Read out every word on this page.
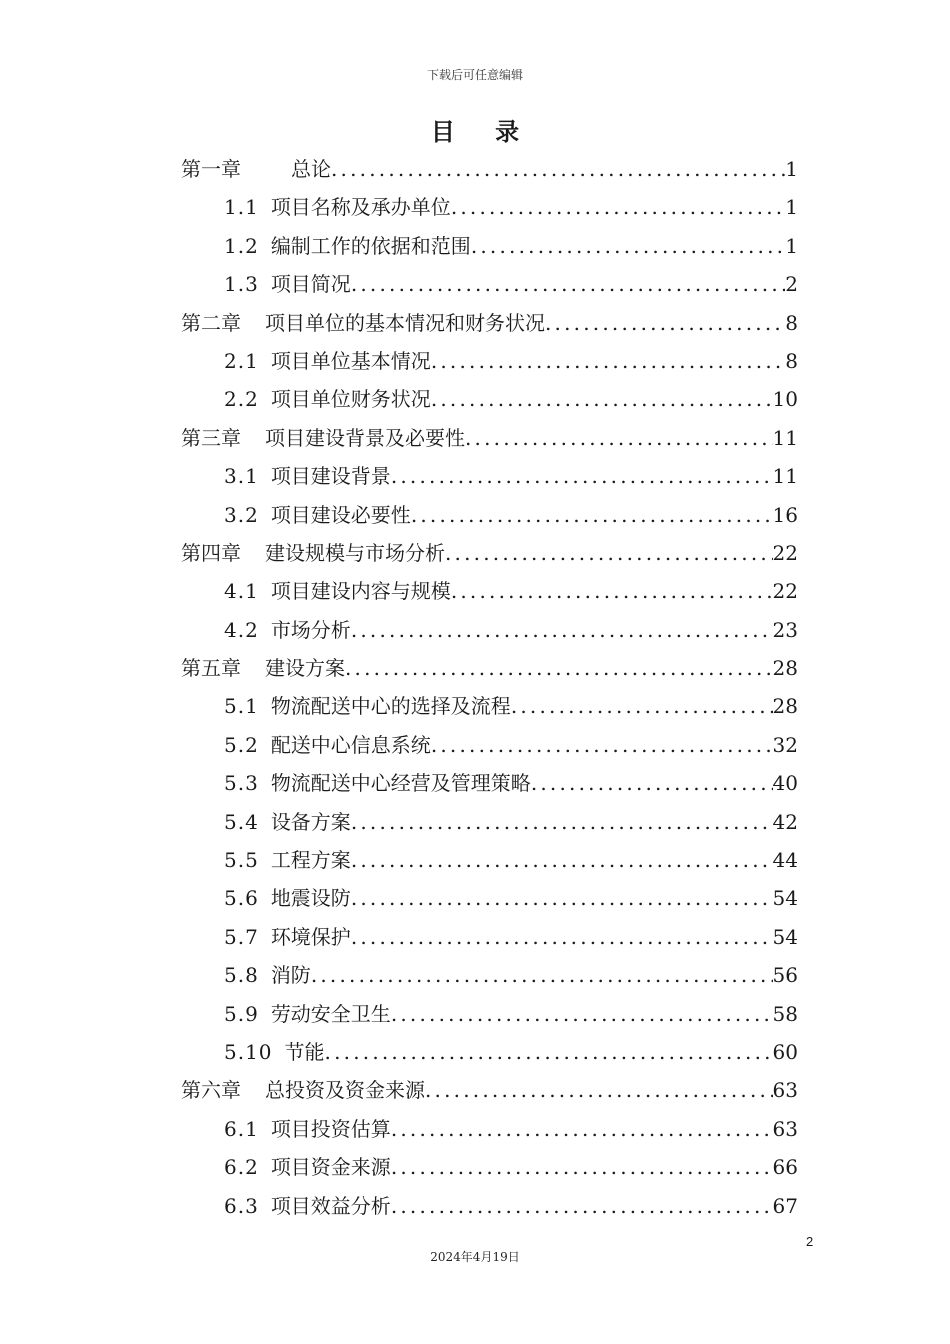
下载后可任意编辑
目 录
第一章	总论 .....	1
1.1 项目名称及承办单位 .....	1
1.2 编制工作的依据和范围 .....	1
1.3 项目简况 .....	2
第二章 项目单位的基本情况和财务状况 .....	8
2.1 项目单位基本情况 .....	8
2.2 项目单位财务状况 .....	10
第三章 项目建设背景及必要性 .....	11
3.1 项目建设背景 .....	11
3.2 项目建设必要性 .....	16
第四章 建设规模与市场分析 .....	22
4.1 项目建设内容与规模 .....	22
4.2 市场分析 .....	23
第五章 建设方案 .....	28
5.1 物流配送中心的选择及流程 .....	28
5.2 配送中心信息系统 .....	32
5.3 物流配送中心经营及管理策略 .....	40
5.4 设备方案 .....	42
5.5 工程方案 .....	44
5.6 地震设防 .....	54
5.7 环境保护 .....	54
5.8 消防 .....	56
5.9 劳动安全卫生 .....	58
5.10 节能 .....	60
第六章 总投资及资金来源 .....	63
6.1 项目投资估算 .....	63
6.2 项目资金来源 .....	66
6.3 项目效益分析 .....	67
2
2024年4月19日
